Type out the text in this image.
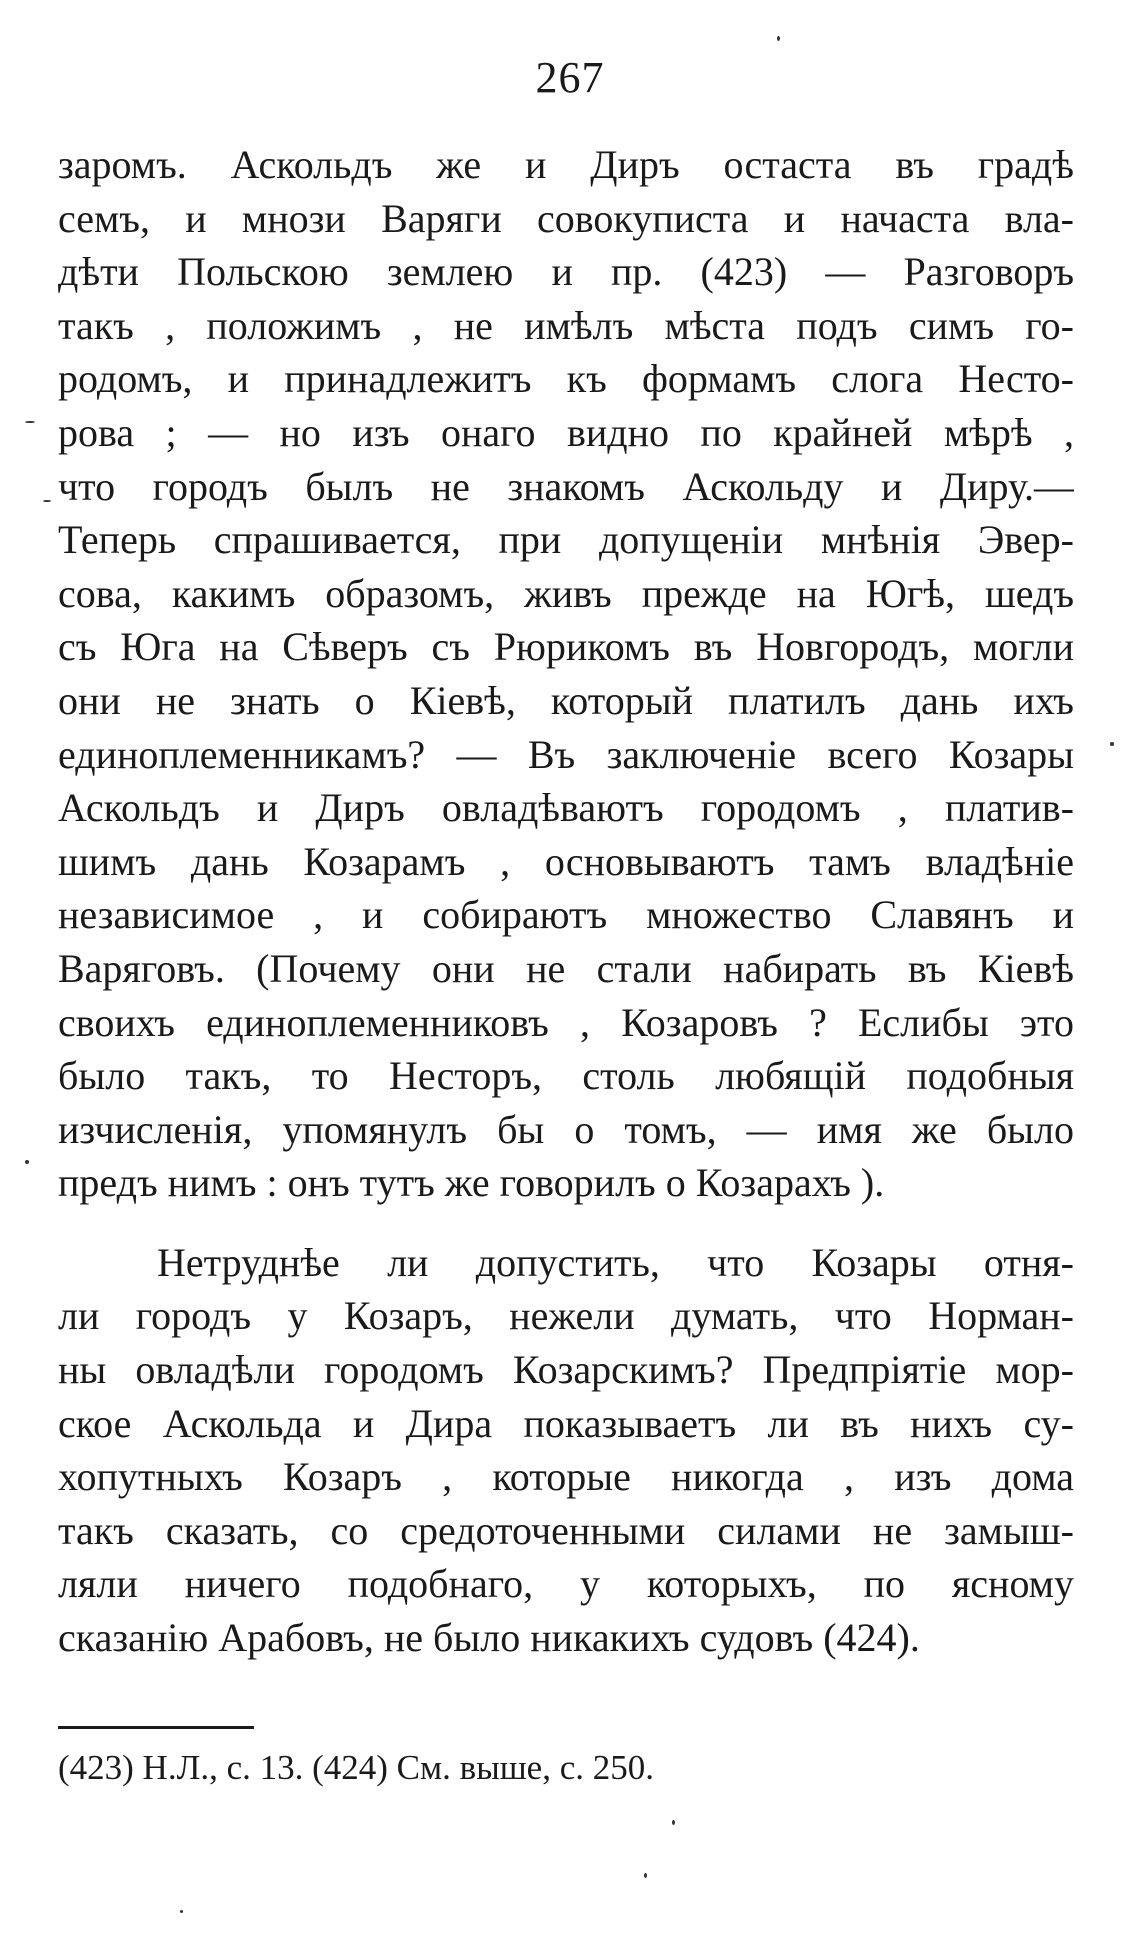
267
заромъ. Аскольдъ же и Диръ остаста въ градѣ
семъ, и мнози Варяги совокуписта и начаста вла-
дѣти Польскою землею и пр. (423) — Разговоръ
такъ , положимъ , не имѣлъ мѣста подъ симъ го-
родомъ, и принадлежитъ къ формамъ слога Несто-
рова ; — но изъ онаго видно по крайней мѣрѣ ,
что городъ былъ не знакомъ Аскольду и Диру.—
Теперь спрашивается, при допущеніи мнѣнія Эвер-
сова, какимъ образомъ, живъ прежде на Югѣ, шедъ
съ Юга на Сѣверъ съ Рюрикомъ въ Новгородъ, могли
они не знать о Кіевѣ, который платилъ дань ихъ
единоплеменникамъ? — Въ заключеніе всего Козары
Аскольдъ и Диръ овладѣваютъ городомъ , платив-
шимъ дань Козарамъ , основываютъ тамъ владѣніе
независимое , и собираютъ множество Славянъ и
Варяговъ. (Почему они не стали набирать въ Кіевѣ
своихъ единоплеменниковъ , Козаровъ ? Еслибы это
было такъ, то Несторъ, столь любящій подобныя
изчисленія, упомянулъ бы о томъ, — имя же было
предъ нимъ : онъ тутъ же говорилъ о Козарахъ ).
Нетруднѣе ли допустить, что Козары отня-
ли городъ у Козаръ, нежели думать, что Норман-
ны овладѣли городомъ Козарскимъ? Предпріятіе мор-
ское Аскольда и Дира показываетъ ли въ нихъ су-
хопутныхъ Козаръ , которые никогда , изъ дома
такъ сказать, со средоточенными силами не замыш-
ляли ничего подобнаго, у которыхъ, по ясному
сказанію Арабовъ, не было никакихъ судовъ (424).
(423) Н.Л., с. 13. (424) См. выше, с. 250.
